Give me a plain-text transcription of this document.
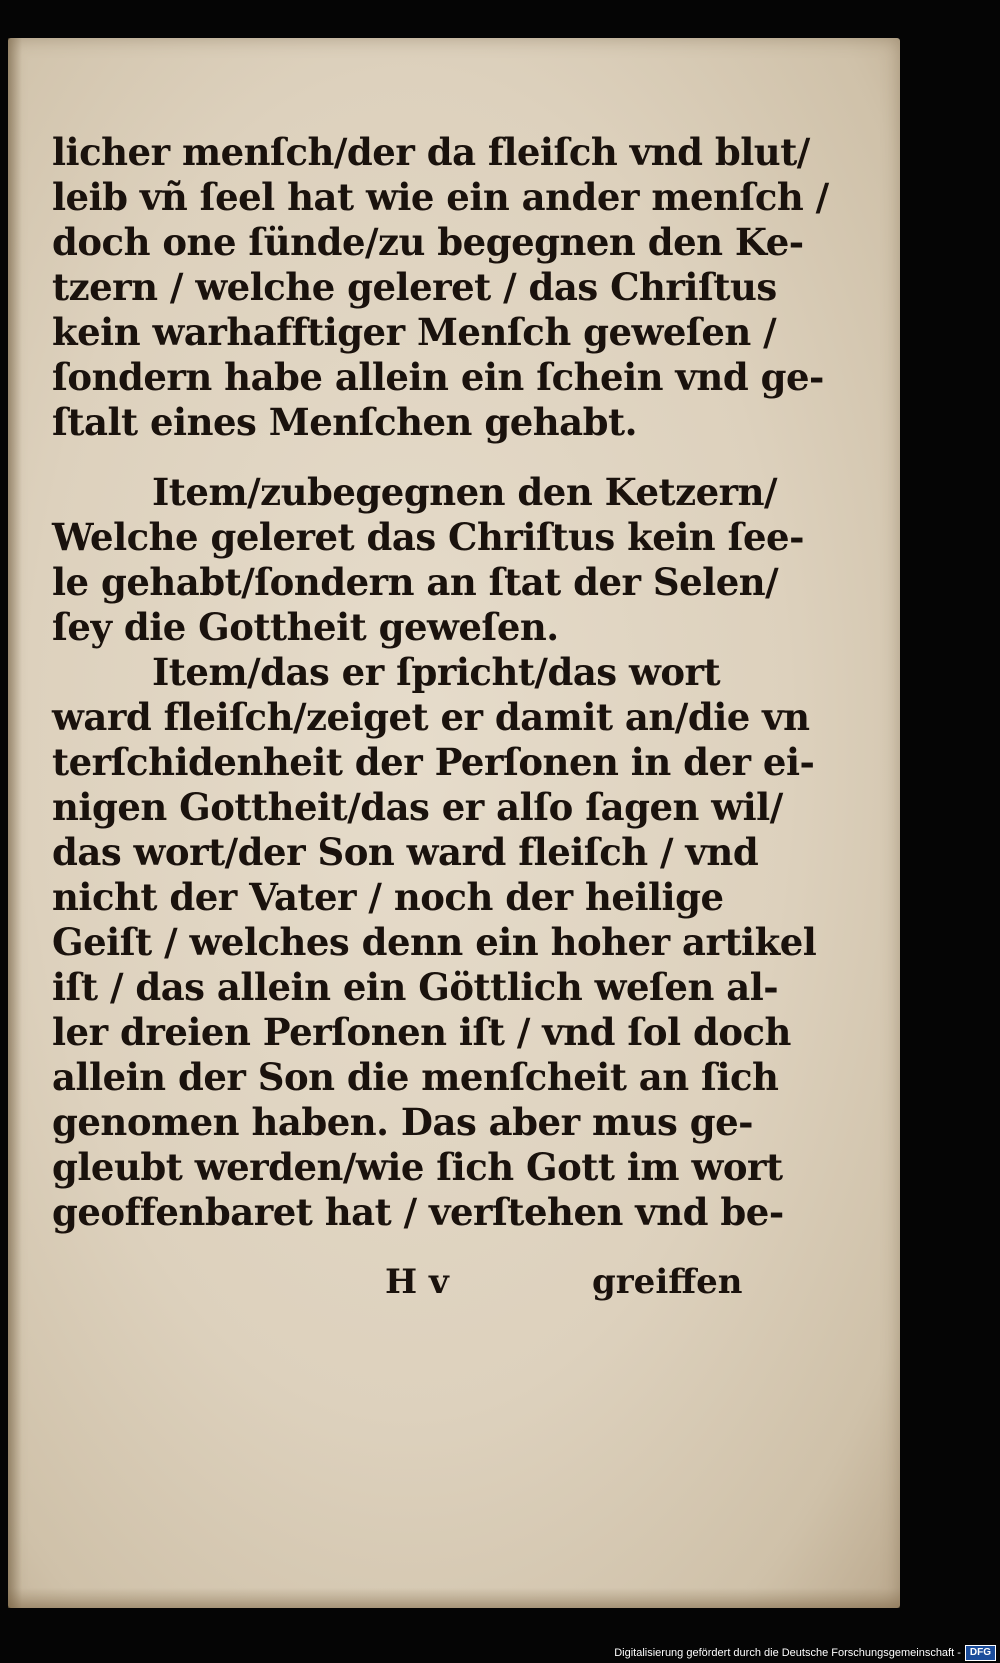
licher menſch/der da fleiſch vnd blut/
leib vñ ſeel hat wie ein ander menſch /
doch one ſünde/zu begegnen den Ke-
tzern / welche geleret / das Chriſtus
kein warhafftiger Menſch geweſen /
ſondern habe allein ein ſchein vnd ge-
ſtalt eines Menſchen gehabt.
Item/zubegegnen den Ketzern/
Welche geleret das Chriſtus kein ſee-
le gehabt/ſondern an ſtat der Selen/
ſey die Gottheit geweſen.
Item/das er ſpricht/das wort
ward fleiſch/zeiget er damit an/die vn
terſchidenheit der Perſonen in der ei-
nigen Gottheit/das er alſo ſagen wil/
das wort/der Son ward fleiſch / vnd
nicht der Vater / noch der heilige
Geiſt / welches denn ein hoher artikel
iſt / das allein ein Göttlich weſen al-
ler dreien Perſonen iſt / vnd ſol doch
allein der Son die menſcheit an ſich
genomen haben. Das aber mus ge-
gleubt werden/wie ſich Gott im wort
geoffenbaret hat / verſtehen vnd be-
H v	greiffen
Digitalisierung gefördert durch die Deutsche Forschungsgemeinschaft - DFG
